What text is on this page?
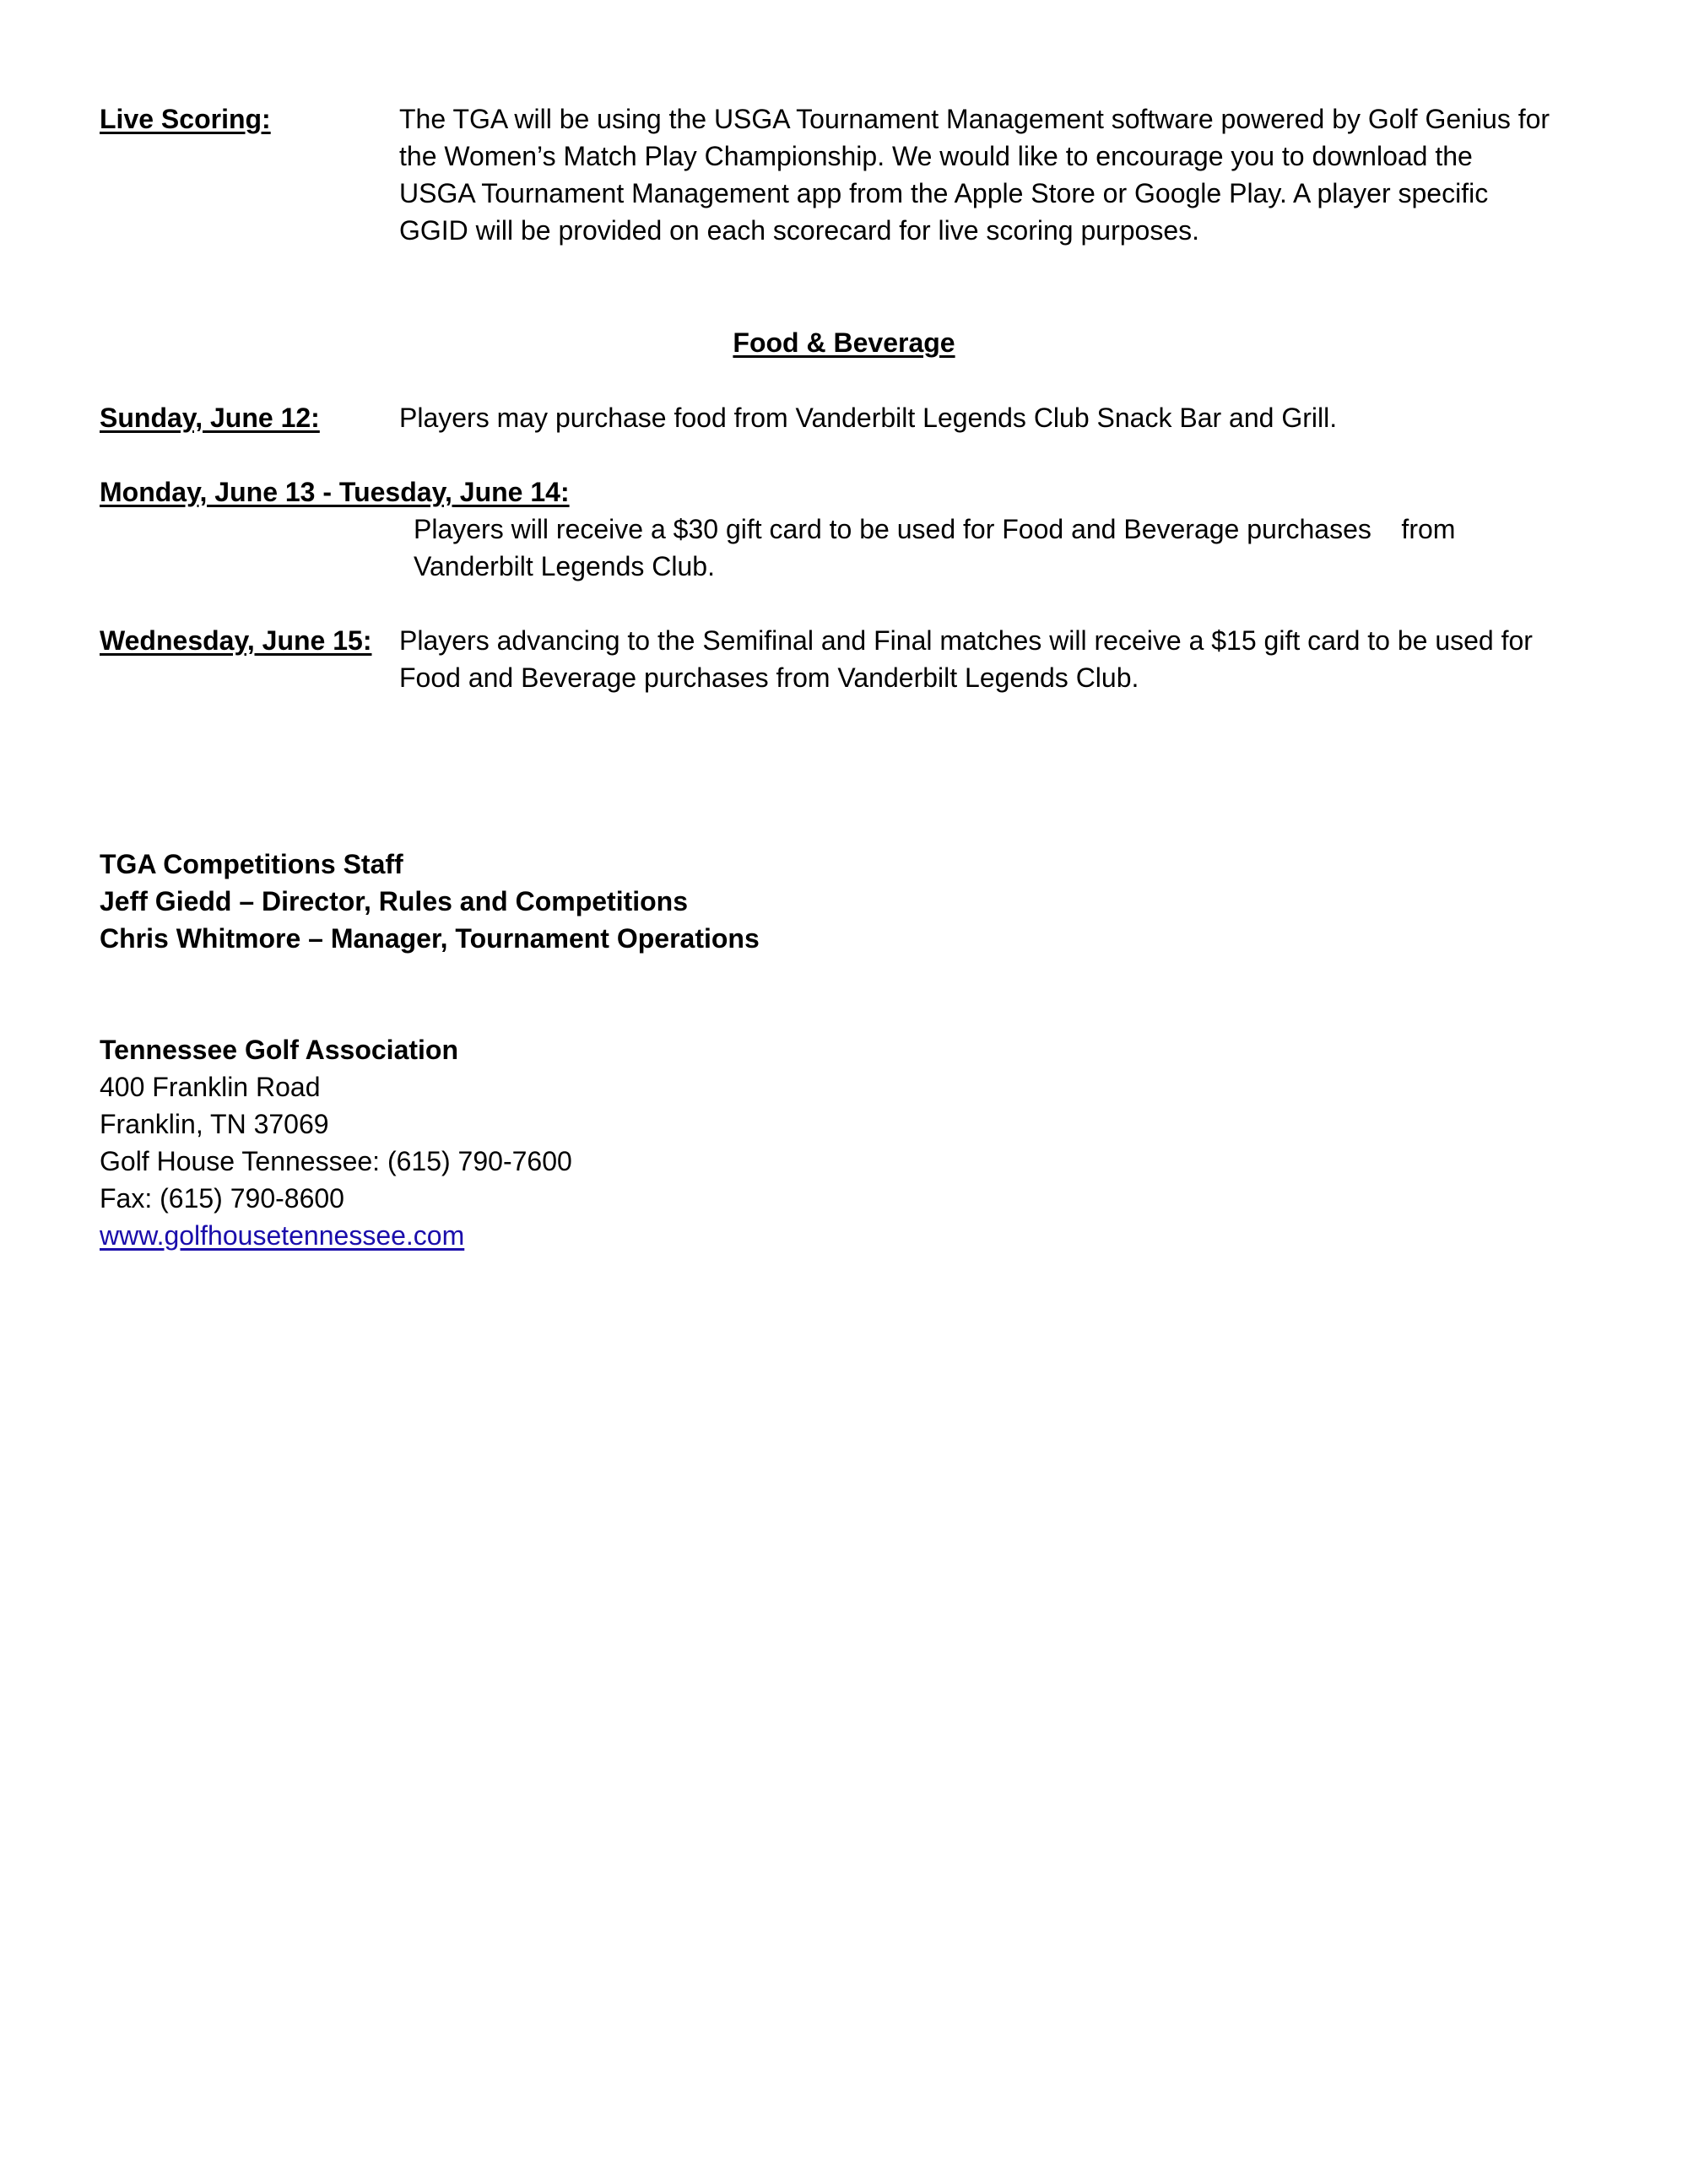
Live Scoring:	The TGA will be using the USGA Tournament Management software powered by Golf Genius for
the Women’s Match Play Championship. We would like to encourage you to download the
USGA Tournament Management app from the Apple Store or Google Play. A player specific
GGID will be provided on each scorecard for live scoring purposes.
Food & Beverage
Sunday, June 12:	Players may purchase food from Vanderbilt Legends Club Snack Bar and Grill.
Monday, June 13 - Tuesday, June 14:
Players will receive a $30 gift card to be used for Food and Beverage purchases    from
Vanderbilt Legends Club.
Wednesday, June 15: Players advancing to the Semifinal and Final matches will receive a $15 gift card to be used for
Food and Beverage purchases from Vanderbilt Legends Club.
TGA Competitions Staff
Jeff Giedd – Director, Rules and Competitions
Chris Whitmore – Manager, Tournament Operations
Tennessee Golf Association
400 Franklin Road
Franklin, TN 37069
Golf House Tennessee: (615) 790-7600
Fax: (615) 790-8600
www.golfhousetennessee.com
